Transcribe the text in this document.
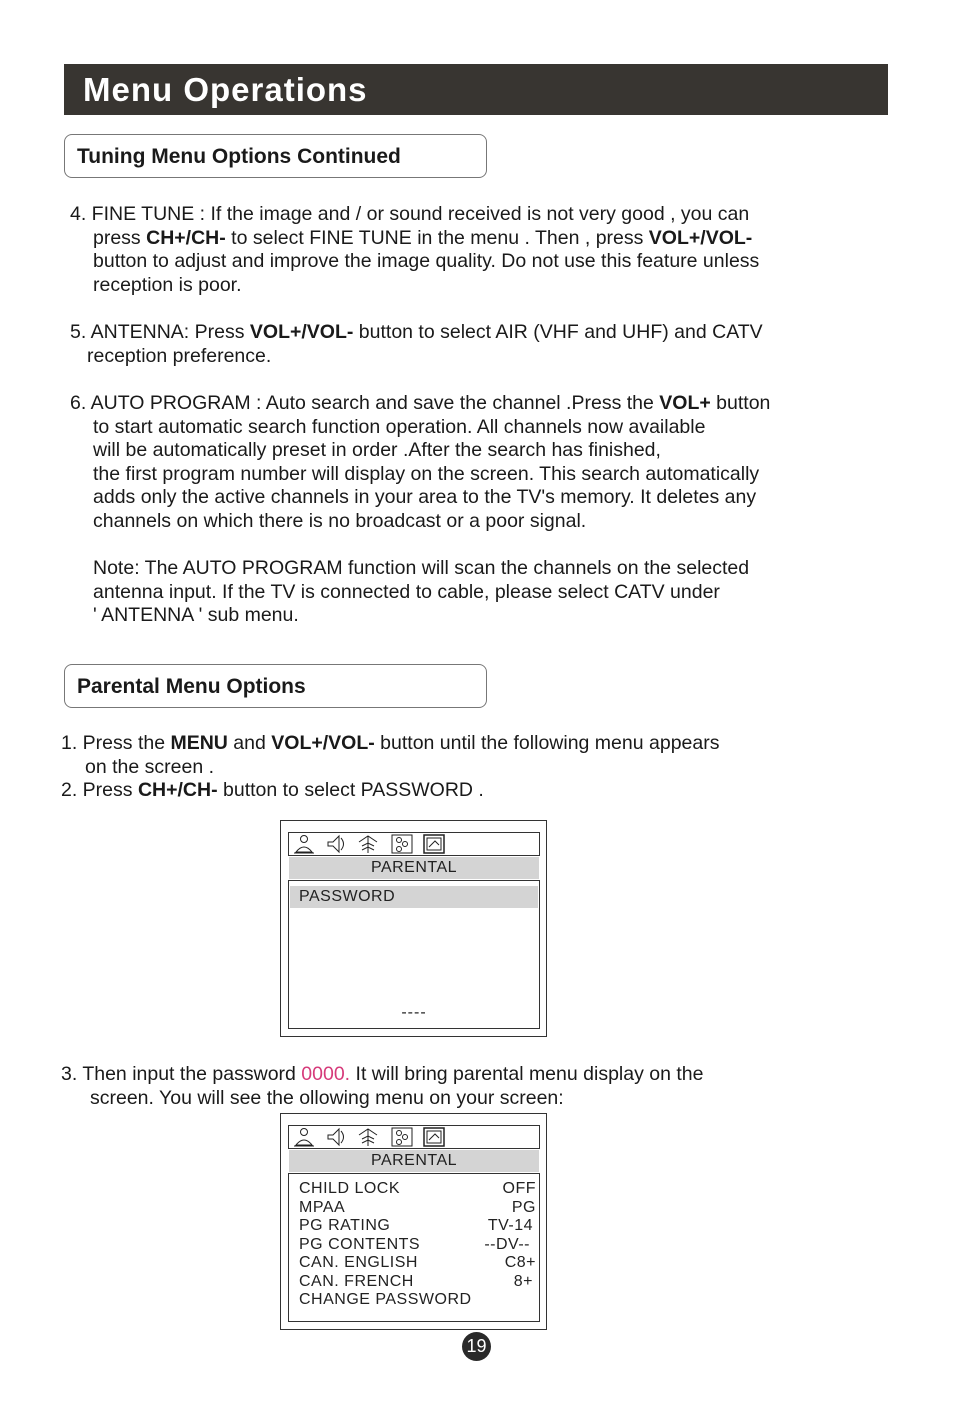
Menu Operations
Tuning Menu Options Continued
4. FINE TUNE : If the image and / or sound received is not very good , you can
press CH+/CH- to select FINE TUNE in the menu . Then , press VOL+/VOL-
button to adjust and improve the image quality. Do not use this feature unless
reception is poor.
5. ANTENNA: Press VOL+/VOL- button to select AIR (VHF and UHF) and CATV
reception preference.
6. AUTO PROGRAM : Auto search and save the channel .Press the VOL+ button
to start automatic search function operation. All channels now available
will be automatically preset in order .After the search has finished,
the first program number will display on the screen. This search automatically
adds only the active channels in your area to the TV's memory. It deletes any
channels on which there is no broadcast or a poor signal.
Note: The AUTO PROGRAM function will scan the channels on the selected
antenna input. If the TV is connected to cable, please select CATV under
' ANTENNA ' sub menu.
Parental Menu Options
1. Press the MENU and VOL+/VOL- button until the following menu appears
on the screen .
2. Press CH+/CH- button to select PASSWORD .
PARENTAL
PASSWORD
----
3. Then input the password 0000. It will bring parental menu display on the
screen. You will see the ollowing menu on your screen:
PARENTAL
CHILD LOCK	OFF
MPAA	PG
PG RATING	TV-14
PG CONTENTS	--DV--
CAN. ENGLISH	C8+
CAN. FRENCH	8+
CHANGE PASSWORD
19
